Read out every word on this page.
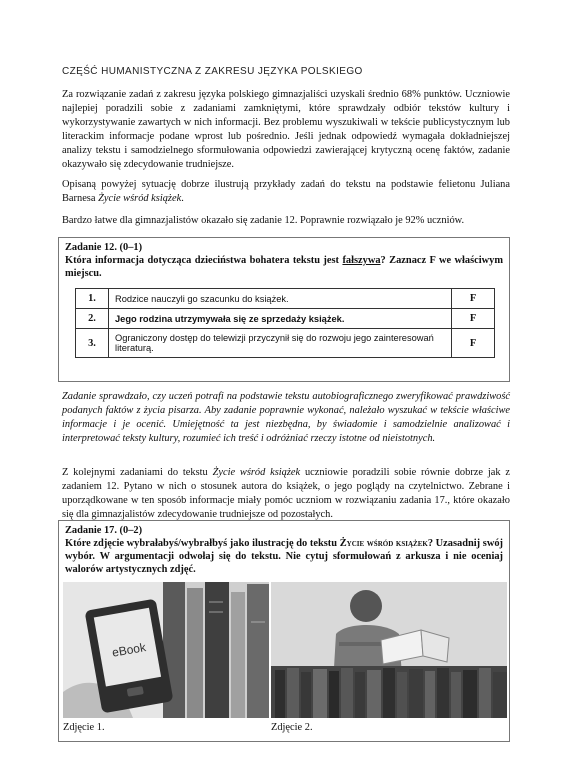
CZĘŚĆ HUMANISTYCZNA Z ZAKRESU JĘZYKA POLSKIEGO

Za rozwiązanie zadań z zakresu języka polskiego gimnazjaliści uzyskali średnio 68% punktów. Uczniowie najlepiej poradzili sobie z zadaniami zamkniętymi, które sprawdzały odbiór tekstów kultury i wykorzystywanie zawartych w nich informacji. Bez problemu wyszukiwali w tekście publicystycznym lub literackim informacje podane wprost lub pośrednio. Jeśli jednak odpowiedź wymagała dokładniejszej analizy tekstu i samodzielnego sformułowania odpowiedzi zawierającej krytyczną ocenę faktów, zadanie okazywało się zdecydowanie trudniejsze.

Opisaną powyżej sytuację dobrze ilustrują przykłady zadań do tekstu na podstawie felietonu Juliana Barnesa Życie wśród książek.

Bardzo łatwe dla gimnazjalistów okazało się zadanie 12. Poprawnie rozwiązało je 92% uczniów.

Zadanie 12. (0–1)
Która informacja dotycząca dzieciństwa bohatera tekstu jest fałszywa? Zaznacz F we właściwym miejscu.
1.	Rodzice nauczyli go szacunku do książek.	F
2.	Jego rodzina utrzymywała się ze sprzedaży książek.	F
3.	Ograniczony dostęp do telewizji przyczynił się do rozwoju jego zainteresowań literaturą.	F

Zadanie sprawdzało, czy uczeń potrafi na podstawie tekstu autobiograficznego zweryfikować prawdziwość podanych faktów z życia pisarza. Aby zadanie poprawnie wykonać, należało wyszukać w tekście właściwe informacje i je ocenić. Umiejętność ta jest niezbędna, by świadomie i samodzielnie analizować i interpretować teksty kultury, rozumieć ich treść i odróżniać rzeczy istotne od nieistotnych.

Z kolejnymi zadaniami do tekstu Życie wśród książek uczniowie poradzili sobie równie dobrze jak z zadaniem 12. Pytano w nich o stosunek autora do książek, o jego poglądy na czytelnictwo. Zebrane i uporządkowane w ten sposób informacje miały pomóc uczniom w rozwiązaniu zadania 17., które okazało się dla gimnazjalistów zdecydowanie trudniejsze od pozostałych.

Zadanie 17. (0–2)
Które zdjęcie wybrałabyś/wybrałbyś jako ilustrację do tekstu Życie wśród książek? Uzasadnij swój wybór. W argumentacji odwołaj się do tekstu. Nie cytuj sformułowań z arkusza i nie oceniaj walorów artystycznych zdjęć.
eBook
Zdjęcie 1.	Zdjęcie 2.
